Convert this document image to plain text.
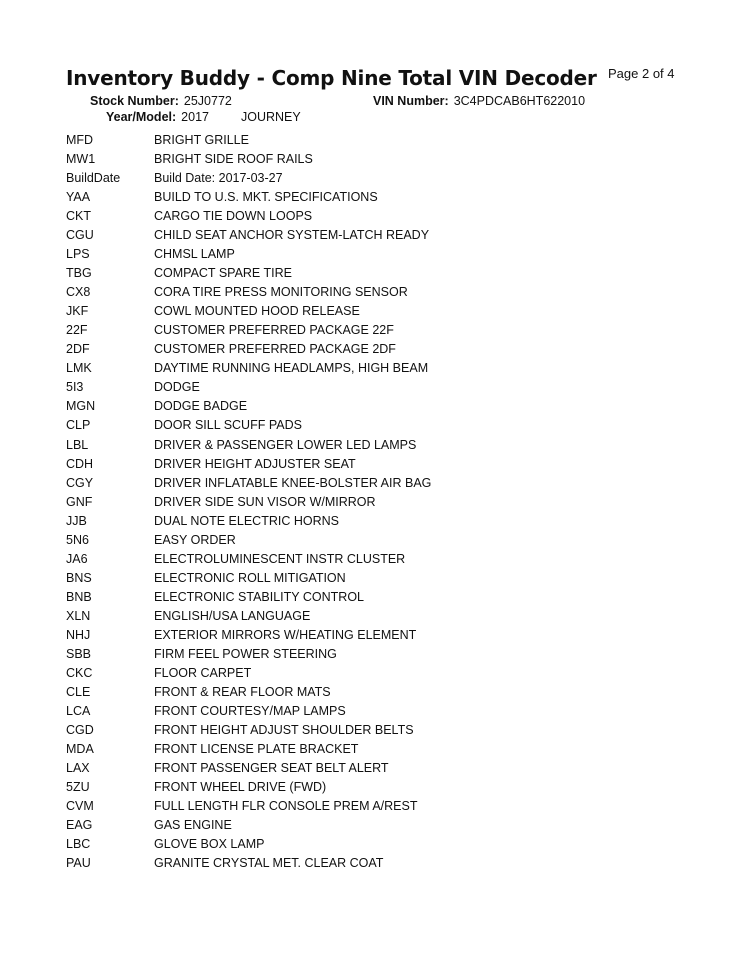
Inventory Buddy - Comp Nine Total VIN Decoder Page 2 of 4
Stock Number: 25J0772	VIN Number: 3C4PDCAB6HT622010
Year/Model: 2017	JOURNEY
MFD	BRIGHT GRILLE
MW1	BRIGHT SIDE ROOF RAILS
BuildDate	Build Date: 2017-03-27
YAA	BUILD TO U.S. MKT. SPECIFICATIONS
CKT	CARGO TIE DOWN LOOPS
CGU	CHILD SEAT ANCHOR SYSTEM-LATCH READY
LPS	CHMSL LAMP
TBG	COMPACT SPARE TIRE
CX8	CORA TIRE PRESS MONITORING SENSOR
JKF	COWL MOUNTED HOOD RELEASE
22F	CUSTOMER PREFERRED PACKAGE 22F
2DF	CUSTOMER PREFERRED PACKAGE 2DF
LMK	DAYTIME RUNNING HEADLAMPS, HIGH BEAM
5I3	DODGE
MGN	DODGE BADGE
CLP	DOOR SILL SCUFF PADS
LBL	DRIVER & PASSENGER LOWER LED LAMPS
CDH	DRIVER HEIGHT ADJUSTER SEAT
CGY	DRIVER INFLATABLE KNEE-BOLSTER AIR BAG
GNF	DRIVER SIDE SUN VISOR W/MIRROR
JJB	DUAL NOTE ELECTRIC HORNS
5N6	EASY ORDER
JA6	ELECTROLUMINESCENT INSTR CLUSTER
BNS	ELECTRONIC ROLL MITIGATION
BNB	ELECTRONIC STABILITY CONTROL
XLN	ENGLISH/USA LANGUAGE
NHJ	EXTERIOR MIRRORS W/HEATING ELEMENT
SBB	FIRM FEEL POWER STEERING
CKC	FLOOR CARPET
CLE	FRONT & REAR FLOOR MATS
LCA	FRONT COURTESY/MAP LAMPS
CGD	FRONT HEIGHT ADJUST SHOULDER BELTS
MDA	FRONT LICENSE PLATE BRACKET
LAX	FRONT PASSENGER SEAT BELT ALERT
5ZU	FRONT WHEEL DRIVE (FWD)
CVM	FULL LENGTH FLR CONSOLE PREM A/REST
EAG	GAS ENGINE
LBC	GLOVE BOX LAMP
PAU	GRANITE CRYSTAL MET. CLEAR COAT
